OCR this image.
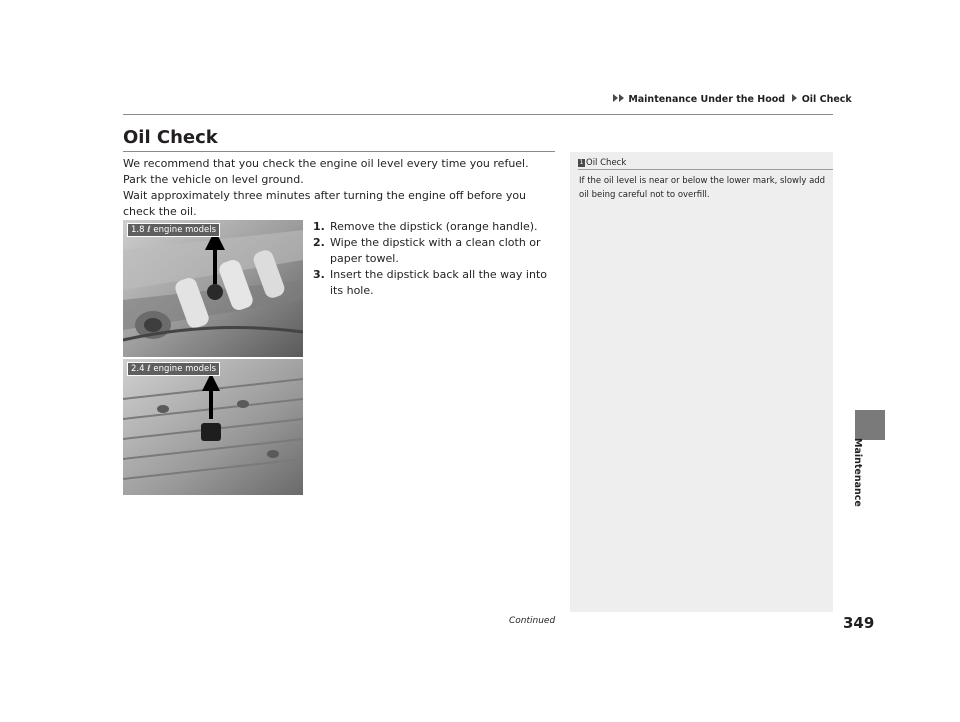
Maintenance Under the Hood Oil Check
Oil Check

We recommend that you check the engine oil level every time you refuel.

Park the vehicle on level ground.

Wait approximately three minutes after turning the engine off before you check the oil.

1. Remove the dipstick (orange handle).
2. Wipe the dipstick with a clean cloth or paper towel.
3. Insert the dipstick back all the way into its hole.
1.8 ℓ engine models
2.4 ℓ engine models
1 Oil Check
If the oil level is near or below the lower mark, slowly add oil being careful not to overfill.
Maintenance
Continued	349
